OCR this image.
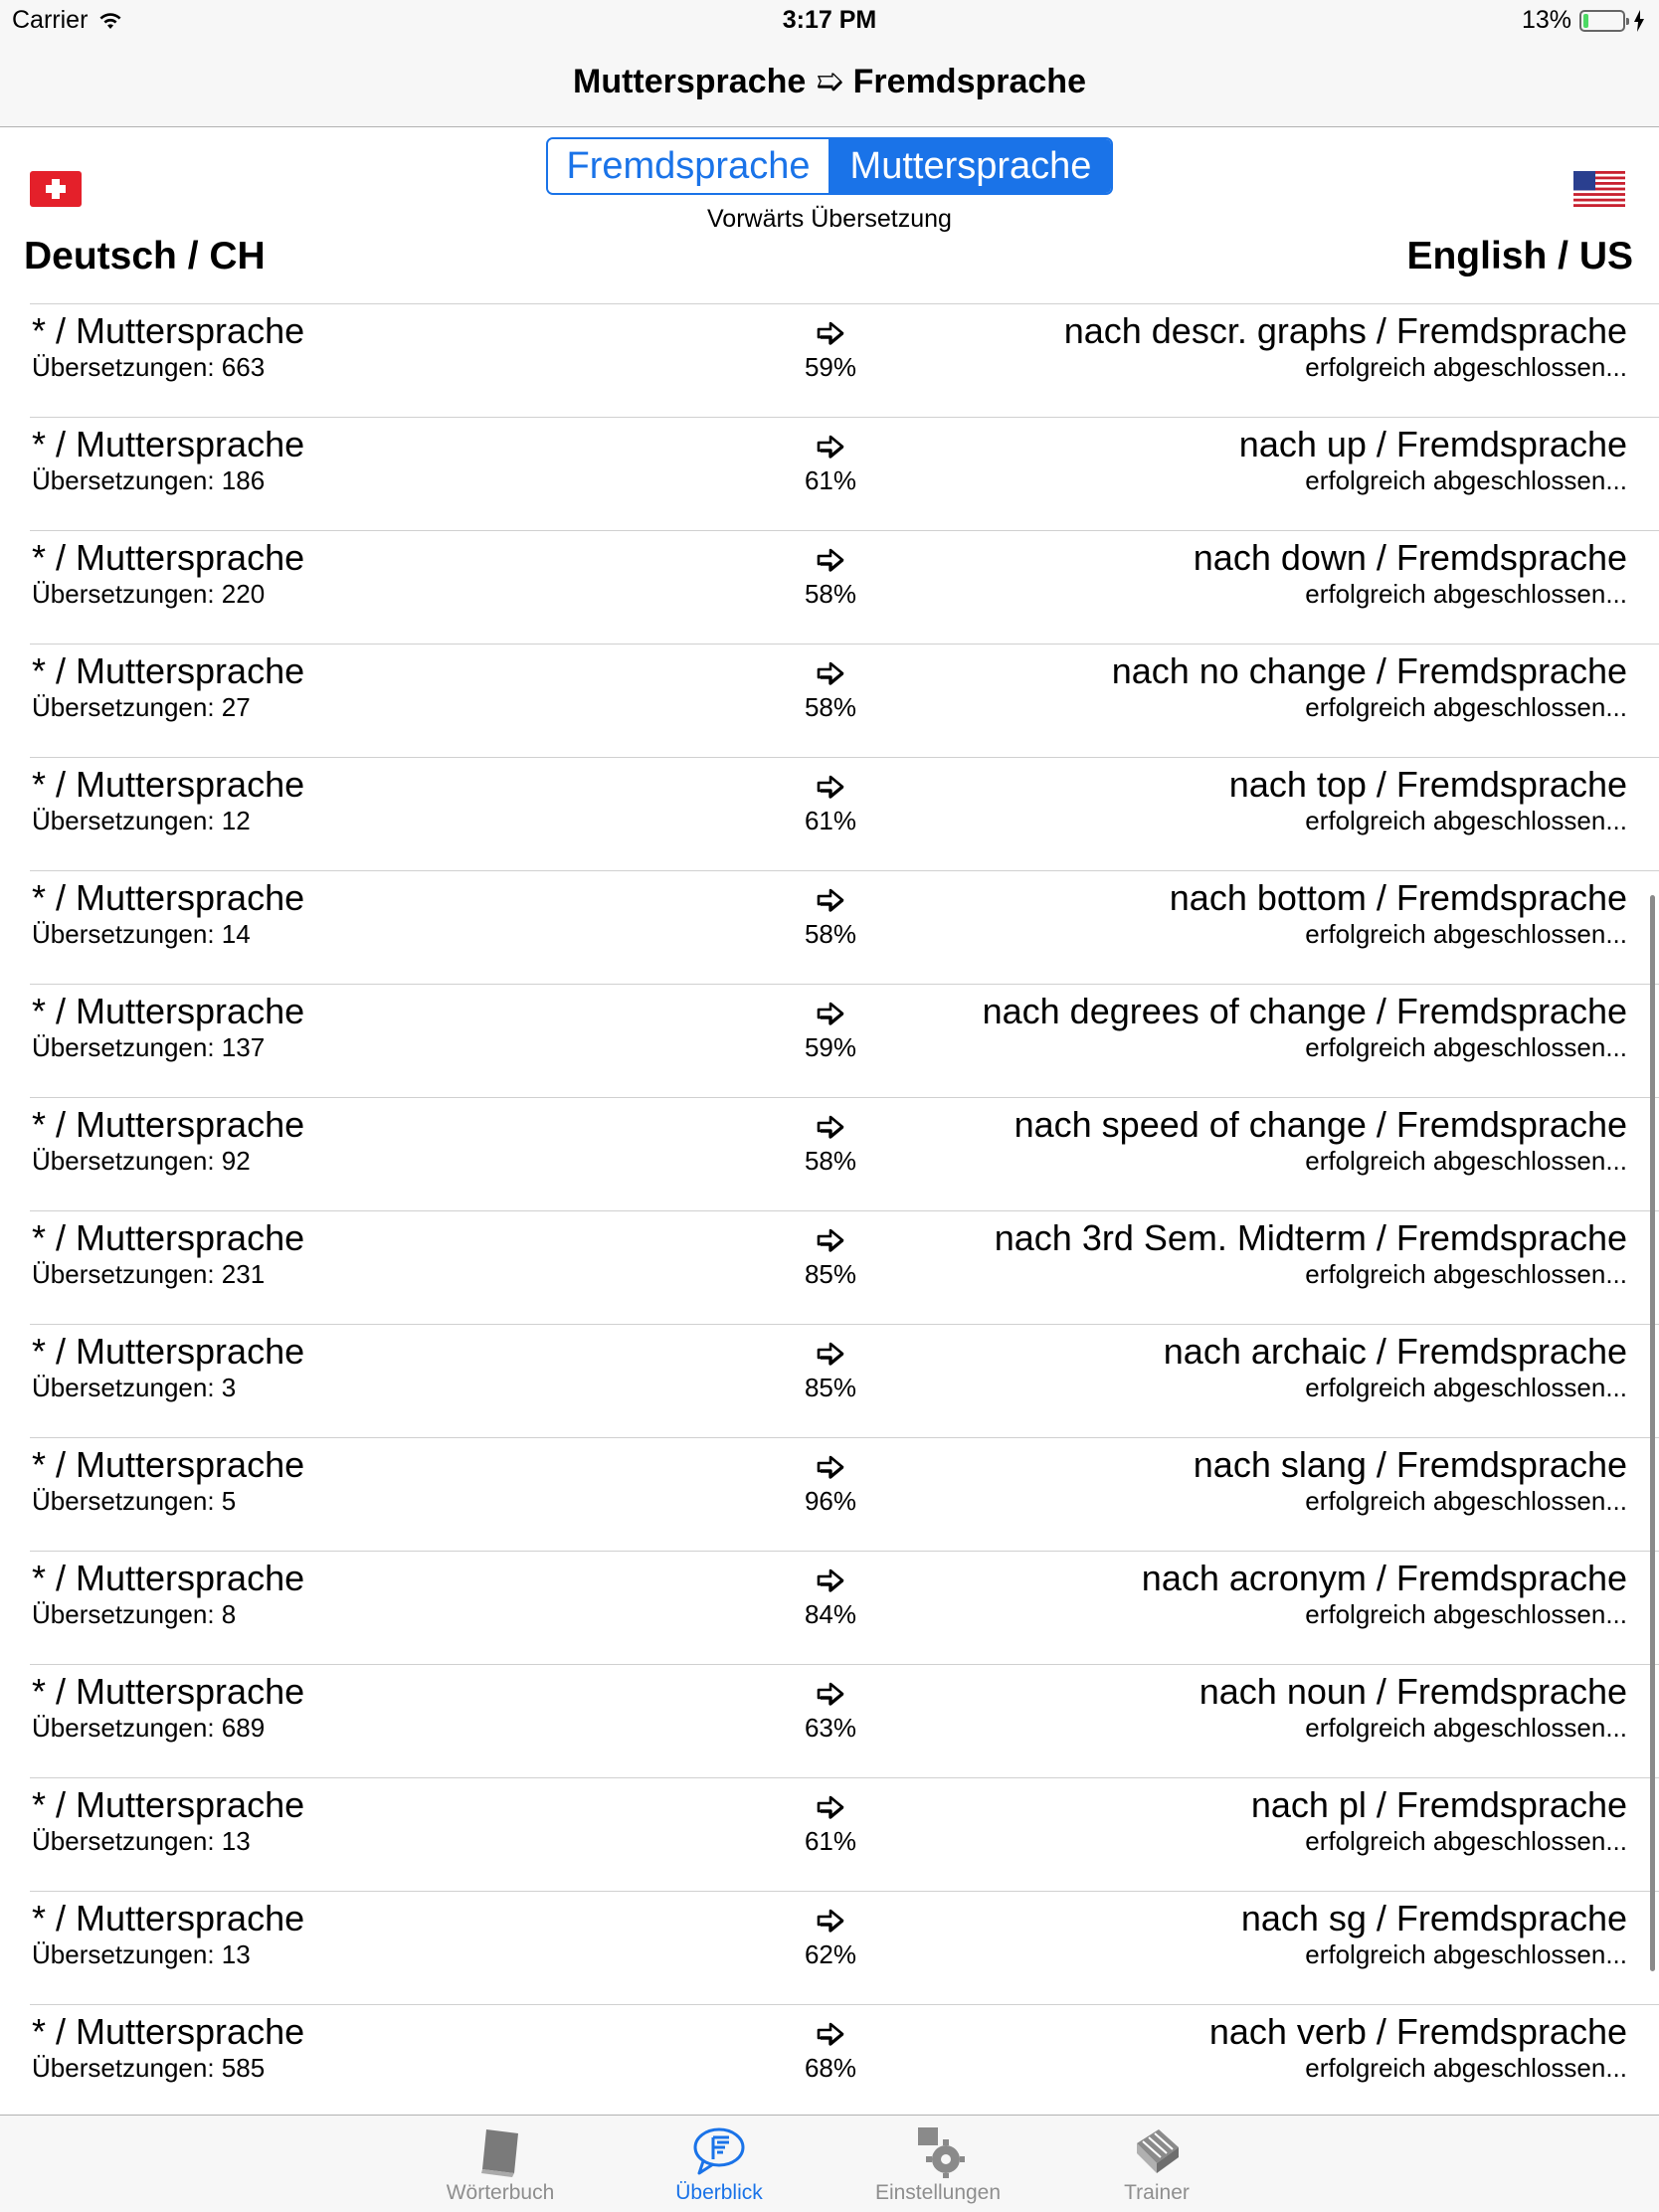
Carrier	3:17 PM	13%
Muttersprache ➯ Fremdsprache
Fremdsprache	Muttersprache
Vorwärts Übersetzung
Deutsch / CH	English / US
* / Muttersprache
Übersetzungen: 663	59%
nach descr. graphs / Fremdsprache
erfolgreich abgeschlossen...
* / Muttersprache
Übersetzungen: 186	61%
nach up / Fremdsprache
erfolgreich abgeschlossen...
* / Muttersprache
Übersetzungen: 220	58%
nach down / Fremdsprache
erfolgreich abgeschlossen...
* / Muttersprache
Übersetzungen: 27	58%
nach no change / Fremdsprache
erfolgreich abgeschlossen...
* / Muttersprache
Übersetzungen: 12	61%
nach top / Fremdsprache
erfolgreich abgeschlossen...
* / Muttersprache
Übersetzungen: 14	58%
nach bottom / Fremdsprache
erfolgreich abgeschlossen...
* / Muttersprache
Übersetzungen: 137	59%
nach degrees of change / Fremdsprache
erfolgreich abgeschlossen...
* / Muttersprache
Übersetzungen: 92	58%
nach speed of change / Fremdsprache
erfolgreich abgeschlossen...
* / Muttersprache
Übersetzungen: 231	85%
nach 3rd Sem. Midterm / Fremdsprache
erfolgreich abgeschlossen...
* / Muttersprache
Übersetzungen: 3	85%
nach archaic / Fremdsprache
erfolgreich abgeschlossen...
* / Muttersprache
Übersetzungen: 5	96%
nach slang / Fremdsprache
erfolgreich abgeschlossen...
* / Muttersprache
Übersetzungen: 8	84%
nach acronym / Fremdsprache
erfolgreich abgeschlossen...
* / Muttersprache
Übersetzungen: 689	63%
nach noun / Fremdsprache
erfolgreich abgeschlossen...
* / Muttersprache
Übersetzungen: 13	61%
nach pl / Fremdsprache
erfolgreich abgeschlossen...
* / Muttersprache
Übersetzungen: 13	62%
nach sg / Fremdsprache
erfolgreich abgeschlossen...
* / Muttersprache
Übersetzungen: 585	68%
nach verb / Fremdsprache
erfolgreich abgeschlossen...
Wörterbuch	Überblick	Einstellungen	Trainer
